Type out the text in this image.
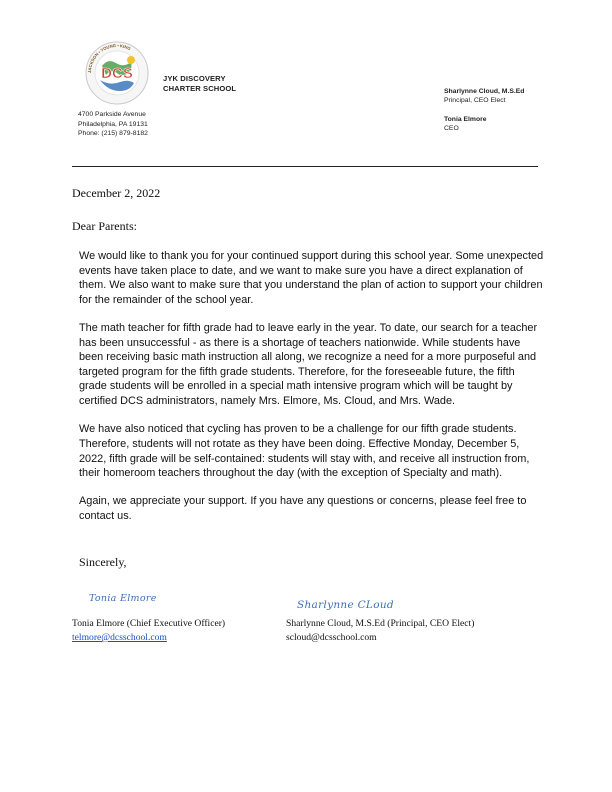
DCS
JACKSON • YOUNG • KING
JYK DISCOVERY
CHARTER SCHOOL
4700 Parkside Avenue
Philadelphia, PA 19131
Phone: (215) 879-8182
Sharlynne Cloud, M.S.Ed
Principal, CEO Elect
Tonia Elmore
CEO
December 2, 2022
Dear Parents:

We would like to thank you for your continued support during this school year. Some unexpected events have taken place to date, and we want to make sure you have a direct explanation of them. We also want to make sure that you understand the plan of action to support your children for the remainder of the school year.

The math teacher for fifth grade had to leave early in the year. To date, our search for a teacher has been unsuccessful - as there is a shortage of teachers nationwide. While students have been receiving basic math instruction all along, we recognize a need for a more purposeful and targeted program for the fifth grade students. Therefore, for the foreseeable future, the fifth grade students will be enrolled in a special math intensive program which will be taught by certified DCS administrators, namely Mrs. Elmore, Ms. Cloud, and Mrs. Wade.

We have also noticed that cycling has proven to be a challenge for our fifth grade students. Therefore, students will not rotate as they have been doing. Effective Monday, December 5, 2022, fifth grade will be self-contained: students will stay with, and receive all instruction from, their homeroom teachers throughout the day (with the exception of Specialty and math).

Again, we appreciate your support. If you have any questions or concerns, please feel free to contact us.

Sincerely,
Tonia Elmore
Sharlynne CLoud
Tonia Elmore (Chief Executive Officer)
telmore@dcsschool.com
Sharlynne Cloud, M.S.Ed (Principal, CEO Elect)
scloud@dcsschool.com
